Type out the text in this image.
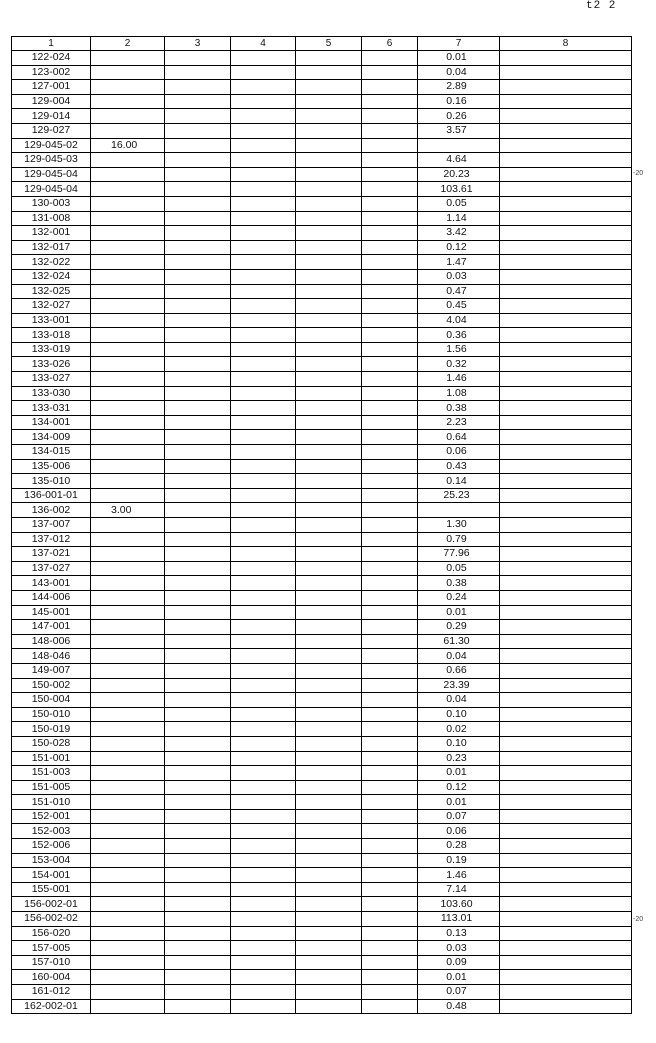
t2 2
-20
-20
1	2	3	4	5	6	7	8
122-024						0.01	
123-002						0.04	
127-001						2.89	
129-004						0.16	
129-014						0.26	
129-027						3.57	
129-045-02	16.00						
129-045-03						4.64	
129-045-04						20.23	
129-045-04						103.61	
130-003						0.05	
131-008						1.14	
132-001						3.42	
132-017						0.12	
132-022						1.47	
132-024						0.03	
132-025						0.47	
132-027						0.45	
133-001						4.04	
133-018						0.36	
133-019						1.56	
133-026						0.32	
133-027						1.46	
133-030						1.08	
133-031						0.38	
134-001						2.23	
134-009						0.64	
134-015						0.06	
135-006						0.43	
135-010						0.14	
136-001-01						25.23	
136-002	3.00						
137-007						1.30	
137-012						0.79	
137-021						77.96	
137-027						0.05	
143-001						0.38	
144-006						0.24	
145-001						0.01	
147-001						0.29	
148-006						61.30	
148-046						0.04	
149-007						0.66	
150-002						23.39	
150-004						0.04	
150-010						0.10	
150-019						0.02	
150-028						0.10	
151-001						0.23	
151-003						0.01	
151-005						0.12	
151-010						0.01	
152-001						0.07	
152-003						0.06	
152-006						0.28	
153-004						0.19	
154-001						1.46	
155-001						7.14	
156-002-01						103.60	
156-002-02						113.01	
156-020						0.13	
157-005						0.03	
157-010						0.09	
160-004						0.01	
161-012						0.07	
162-002-01						0.48	
